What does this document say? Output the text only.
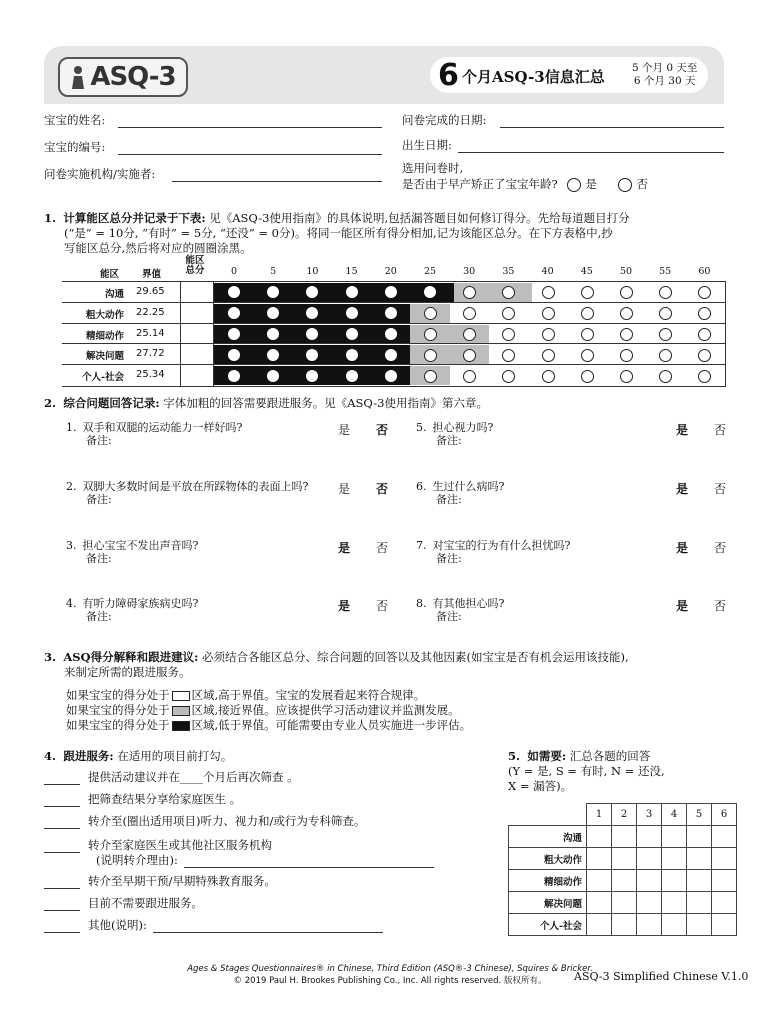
ASQ-3	6 个月ASQ-3信息汇总	5 个月 0 天至
6 个月 30 天
宝宝的姓名:
宝宝的编号:
问卷实施机构/实施者:
问卷完成的日期:
出生日期:
选用问卷时,
是否由于早产矫正了宝宝年龄? 是	否
1. 计算能区总分并记录于下表: 见《ASQ-3使用指南》的具体说明,包括漏答题目如何修订得分。先给每道题目打分
(“是” = 10分, “有时” = 5分, “还没” = 0分)。将同一能区所有得分相加,记为该能区总分。在下方表格中,抄
写能区总分,然后将对应的圆圈涂黑。
能区 界值
能区总分	0	5	10	15	20	25	30	35	40	45	50	55	60
沟通 29.65
粗大动作 22.25
精细动作 25.14
解决问题 27.72
个人-社会 25.34
2. 综合问题回答记录: 字体加粗的回答需要跟进服务。见《ASQ-3使用指南》第六章。
1. 双手和双腿的运动能力一样好吗?
备注:
是 否
2. 双脚大多数时间是平放在所踩物体的表面上吗?
备注:
是 否
3. 担心宝宝不发出声音吗?
备注:
是 否
4. 有听力障碍家族病史吗?
备注:
是 否
5. 担心视力吗?
备注:
是 否
6. 生过什么病吗?
备注:
是 否
7. 对宝宝的行为有什么担忧吗?
备注:
是 否
8. 有其他担心吗?
备注:
是 否
3. ASQ得分解释和跟进建议: 必须结合各能区总分、综合问题的回答以及其他因素(如宝宝是否有机会运用该技能),
来制定所需的跟进服务。
如果宝宝的得分处于 区域,高于界值。宝宝的发展看起来符合规律。
如果宝宝的得分处于 区域,接近界值。应该提供学习活动建议并监测发展。
如果宝宝的得分处于 区域,低于界值。可能需要由专业人员实施进一步评估。
4. 跟进服务: 在适用的项目前打勾。
提供活动建议并在____个月后再次筛查 。
把筛查结果分享给家庭医生 。
转介至(圈出适用项目)听力、视力和/或行为专科筛查。
转介至家庭医生或其他社区服务机构
(说明转介理由):
转介至早期干预/早期特殊教育服务。
目前不需要跟进服务。
其他(说明):
5. 如需要: 汇总各题的回答
(Y = 是, S = 有时, N = 还没,
X = 漏答)。
	1	2	3	4	5	6
沟通						
粗大动作						
精细动作						
解决问题						
个人-社会						
Ages & Stages Questionnaires® in Chinese, Third Edition (ASQ®-3 Chinese), Squires & Bricker.
© 2019 Paul H. Brookes Publishing Co., Inc. All rights reserved. 版权所有。	ASQ-3 Simplified Chinese V.1.0
